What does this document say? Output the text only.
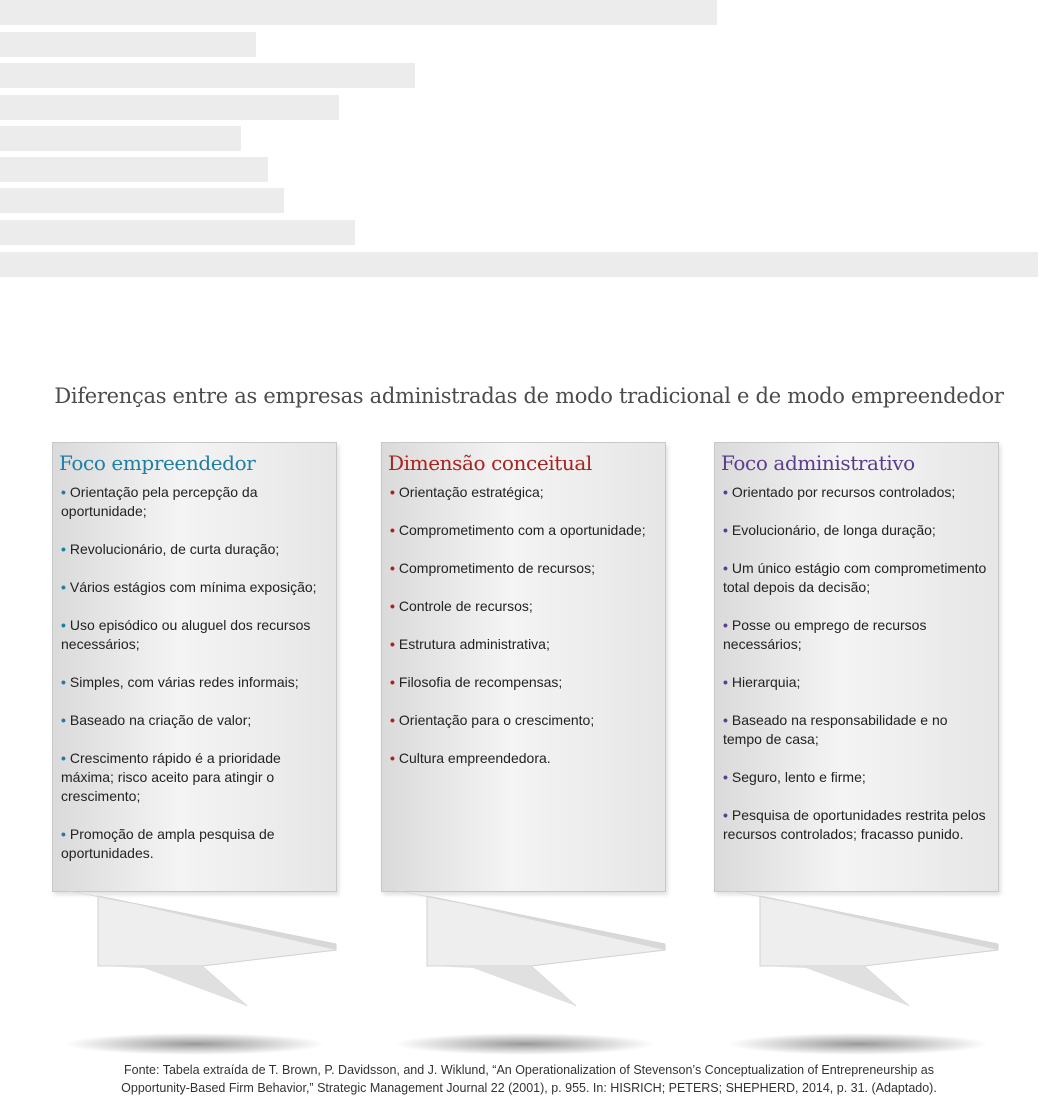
Diferenças entre as empresas administradas de modo tradicional e de modo empreendedor
Foco empreendedor
• Orientação pela percepção da oportunidade;
• Revolucionário, de curta duração;
• Vários estágios com mínima exposição;
• Uso episódico ou aluguel dos recursos necessários;
• Simples, com várias redes informais;
• Baseado na criação de valor;
• Crescimento rápido é a prioridade máxima; risco aceito para atingir o crescimento;
• Promoção de ampla pesquisa de oportunidades.
Dimensão conceitual
• Orientação estratégica;
• Comprometimento com a oportunidade;
• Comprometimento de recursos;
• Controle de recursos;
• Estrutura administrativa;
• Filosofia de recompensas;
• Orientação para o crescimento;
• Cultura empreendedora.
Foco administrativo
• Orientado por recursos controlados;
• Evolucionário, de longa duração;
• Um único estágio com comprometimento total depois da decisão;
• Posse ou emprego de recursos necessários;
• Hierarquia;
• Baseado na responsabilidade e no tempo de casa;
• Seguro, lento e firme;
• Pesquisa de oportunidades restrita pelos recursos controlados; fracasso punido.
Fonte: Tabela extraída de T. Brown, P. Davidsson, and J. Wiklund, “An Operationalization of Stevenson’s Conceptualization of Entrepreneurship as
Opportunity-Based Firm Behavior,” Strategic Management Journal 22 (2001), p. 955. In: HISRICH; PETERS; SHEPHERD, 2014, p. 31. (Adaptado).
